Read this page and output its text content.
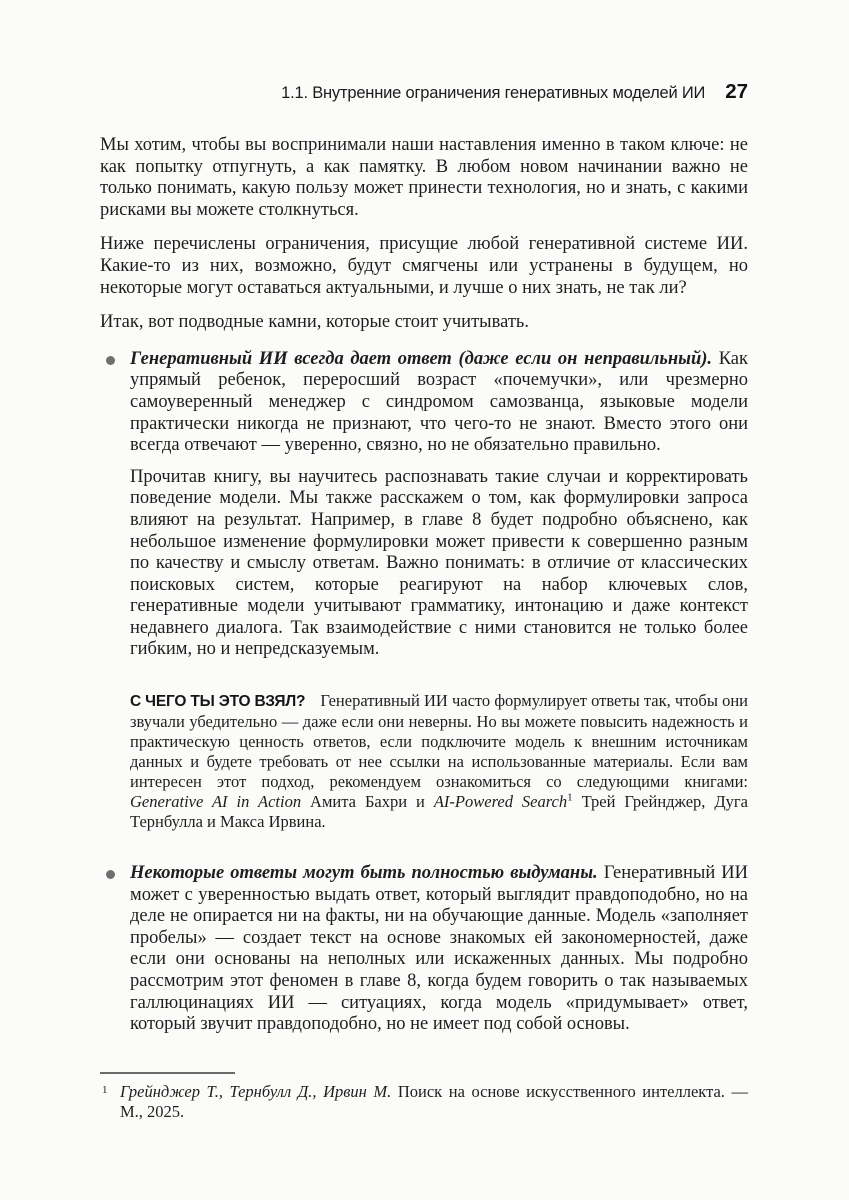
1.1. Внутренние ограничения генеративных моделей ИИ 27

Мы хотим, чтобы вы воспринимали наши наставления именно в таком ключе: не как попытку отпугнуть, а как памятку. В любом новом начинании важно не только понимать, какую пользу может принести технология, но и знать, с какими рисками вы можете столкнуться.

Ниже перечислены ограничения, присущие любой генеративной системе ИИ. Какие-то из них, возможно, будут смягчены или устранены в будущем, но некоторые могут оставаться актуальными, и лучше о них знать, не так ли?

Итак, вот подводные камни, которые стоит учитывать.

Генеративный ИИ всегда дает ответ (даже если он неправильный). Как упрямый ребенок, переросший возраст «почемучки», или чрезмерно самоуверенный менеджер с синдромом самозванца, языковые модели практически никогда не признают, что чего-то не знают. Вместо этого они всегда отвечают — уверенно, связно, но не обязательно правильно.

Прочитав книгу, вы научитесь распознавать такие случаи и корректировать поведение модели. Мы также расскажем о том, как формулировки запроса влияют на результат. Например, в главе 8 будет подробно объяснено, как небольшое изменение формулировки может привести к совершенно разным по качеству и смыслу ответам. Важно понимать: в отличие от классических поисковых систем, которые реагируют на набор ключевых слов, генеративные модели учитывают грамматику, интонацию и даже контекст недавнего диалога. Так взаимодействие с ними становится не только более гибким, но и непредсказуемым.

С ЧЕГО ТЫ ЭТО ВЗЯЛ? Генеративный ИИ часто формулирует ответы так, чтобы они звучали убедительно — даже если они неверны. Но вы можете повысить надежность и практическую ценность ответов, если подключите модель к внешним источникам данных и будете требовать от нее ссылки на использованные материалы. Если вам интересен этот подход, рекомендуем ознакомиться со следующими книгами: Generative AI in Action Амита Бахри и AI-Powered Search$^1$ Трей Грейнджер, Дуга Тернбулла и Макса Ирвина.

Некоторые ответы могут быть полностью выдуманы. Генеративный ИИ может с уверенностью выдать ответ, который выглядит правдоподобно, но на деле не опирается ни на факты, ни на обучающие данные. Модель «заполняет пробелы» — создает текст на основе знакомых ей закономерностей, даже если они основаны на неполных или искаженных данных. Мы подробно рассмотрим этот феномен в главе 8, когда будем говорить о так называемых галлюцинациях ИИ — ситуациях, когда модель «придумывает» ответ, который звучит правдоподобно, но не имеет под собой основы.

1 Грейнджер Т., Тернбулл Д., Ирвин М. Поиск на основе искусственного интеллекта. — М., 2025.
